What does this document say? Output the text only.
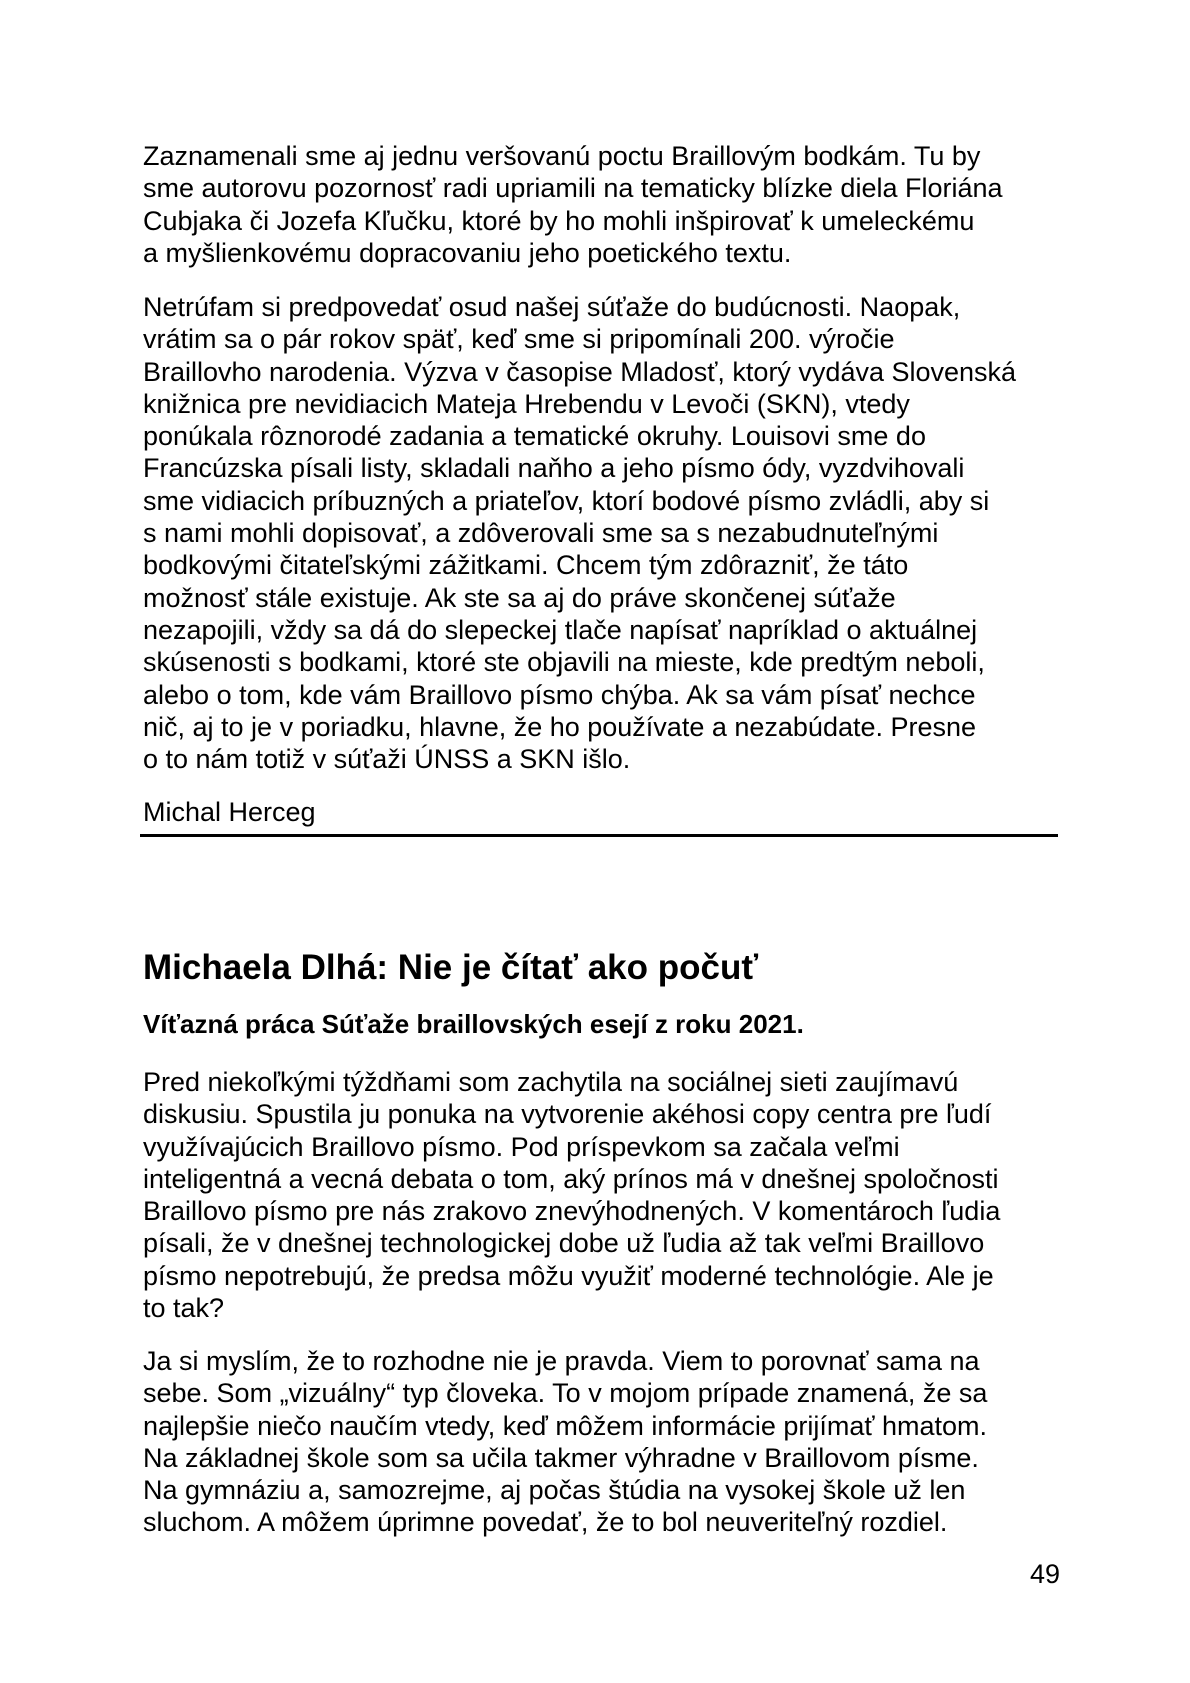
Zaznamenali sme aj jednu veršovanú poctu Braillovým bodkám. Tu by
sme autorovu pozornosť radi upriamili na tematicky blízke diela Floriána
Cubjaka či Jozefa Kľučku, ktoré by ho mohli inšpirovať k umeleckému
a myšlienkovému dopracovaniu jeho poetického textu.

Netrúfam si predpovedať osud našej súťaže do budúcnosti. Naopak,
vrátim sa o pár rokov späť, keď sme si pripomínali 200. výročie
Braillovho narodenia. Výzva v časopise Mladosť, ktorý vydáva Slovenská
knižnica pre nevidiacich Mateja Hrebendu v Levoči (SKN), vtedy
ponúkala rôznorodé zadania a tematické okruhy. Louisovi sme do
Francúzska písali listy, skladali naňho a jeho písmo ódy, vyzdvihovali
sme vidiacich príbuzných a priateľov, ktorí bodové písmo zvládli, aby si
s nami mohli dopisovať, a zdôverovali sme sa s nezabudnuteľnými
bodkovými čitateľskými zážitkami. Chcem tým zdôrazniť, že táto
možnosť stále existuje. Ak ste sa aj do práve skončenej súťaže
nezapojili, vždy sa dá do slepeckej tlače napísať napríklad o aktuálnej
skúsenosti s bodkami, ktoré ste objavili na mieste, kde predtým neboli,
alebo o tom, kde vám Braillovo písmo chýba. Ak sa vám písať nechce
nič, aj to je v poriadku, hlavne, že ho používate a nezabúdate. Presne
o to nám totiž v súťaži ÚNSS a SKN išlo.

Michal Herceg

Michaela Dlhá: Nie je čítať ako počuť
Víťazná práca Súťaže braillovských esejí z roku 2021.

Pred niekoľkými týždňami som zachytila na sociálnej sieti zaujímavú
diskusiu. Spustila ju ponuka na vytvorenie akéhosi copy centra pre ľudí
využívajúcich Braillovo písmo. Pod príspevkom sa začala veľmi
inteligentná a vecná debata o tom, aký prínos má v dnešnej spoločnosti
Braillovo písmo pre nás zrakovo znevýhodnených. V komentároch ľudia
písali, že v dnešnej technologickej dobe už ľudia až tak veľmi Braillovo
písmo nepotrebujú, že predsa môžu využiť moderné technológie. Ale je
to tak?

Ja si myslím, že to rozhodne nie je pravda. Viem to porovnať sama na
sebe. Som „vizuálny“ typ človeka. To v mojom prípade znamená, že sa
najlepšie niečo naučím vtedy, keď môžem informácie prijímať hmatom.
Na základnej škole som sa učila takmer výhradne v Braillovom písme.
Na gymnáziu a, samozrejme, aj počas štúdia na vysokej škole už len
sluchom. A môžem úprimne povedať, že to bol neuveriteľný rozdiel.

49
